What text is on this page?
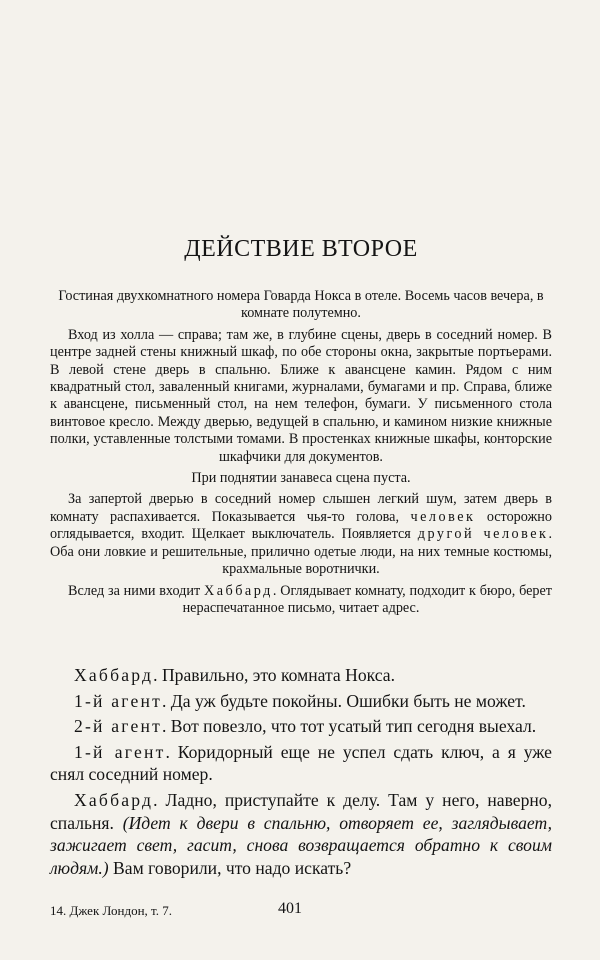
ДЕЙСТВИЕ ВТОРОЕ

Гостиная двухкомнатного номера Говарда Нокса в отеле. Восемь часов вечера, в комнате полутемно.

Вход из холла — справа; там же, в глубине сцены, дверь в соседний номер. В центре задней стены книжный шкаф, по обе стороны окна, закрытые портьерами. В левой стене дверь в спальню. Ближе к авансцене камин. Рядом с ним квадратный стол, заваленный книгами, журналами, бумагами и пр. Справа, ближе к авансцене, письменный стол, на нем телефон, бумаги. У письменного стола винтовое кресло. Между дверью, ведущей в спальню, и камином низкие книжные полки, уставленные толстыми томами. В простенках книжные шкафы, конторские шкафчики для документов.

При поднятии занавеса сцена пуста.

За запертой дверью в соседний номер слышен легкий шум, затем дверь в комнату распахивается. Показывается чья-то голова, человек осторожно оглядывается, входит. Щелкает выключатель. Появляется другой человек. Оба они ловкие и решительные, прилично одетые люди, на них темные костюмы, крахмальные воротнички.

Вслед за ними входит Хаббард. Оглядывает комнату, подходит к бюро, берет нераспечатанное письмо, читает адрес.

Хаббард. Правильно, это комната Нокса.

1-й агент. Да уж будьте покойны. Ошибки быть не может.

2-й агент. Вот повезло, что тот усатый тип сегодня выехал.

1-й агент. Коридорный еще не успел сдать ключ, а я уже снял соседний номер.

Хаббард. Ладно, приступайте к делу. Там у него, наверно, спальня. (Идет к двери в спальню, отворяет ее, заглядывает, зажигает свет, гасит, снова возвращается обратно к своим людям.) Вам говорили, что надо искать?

14. Джек Лондон, т. 7.	401
